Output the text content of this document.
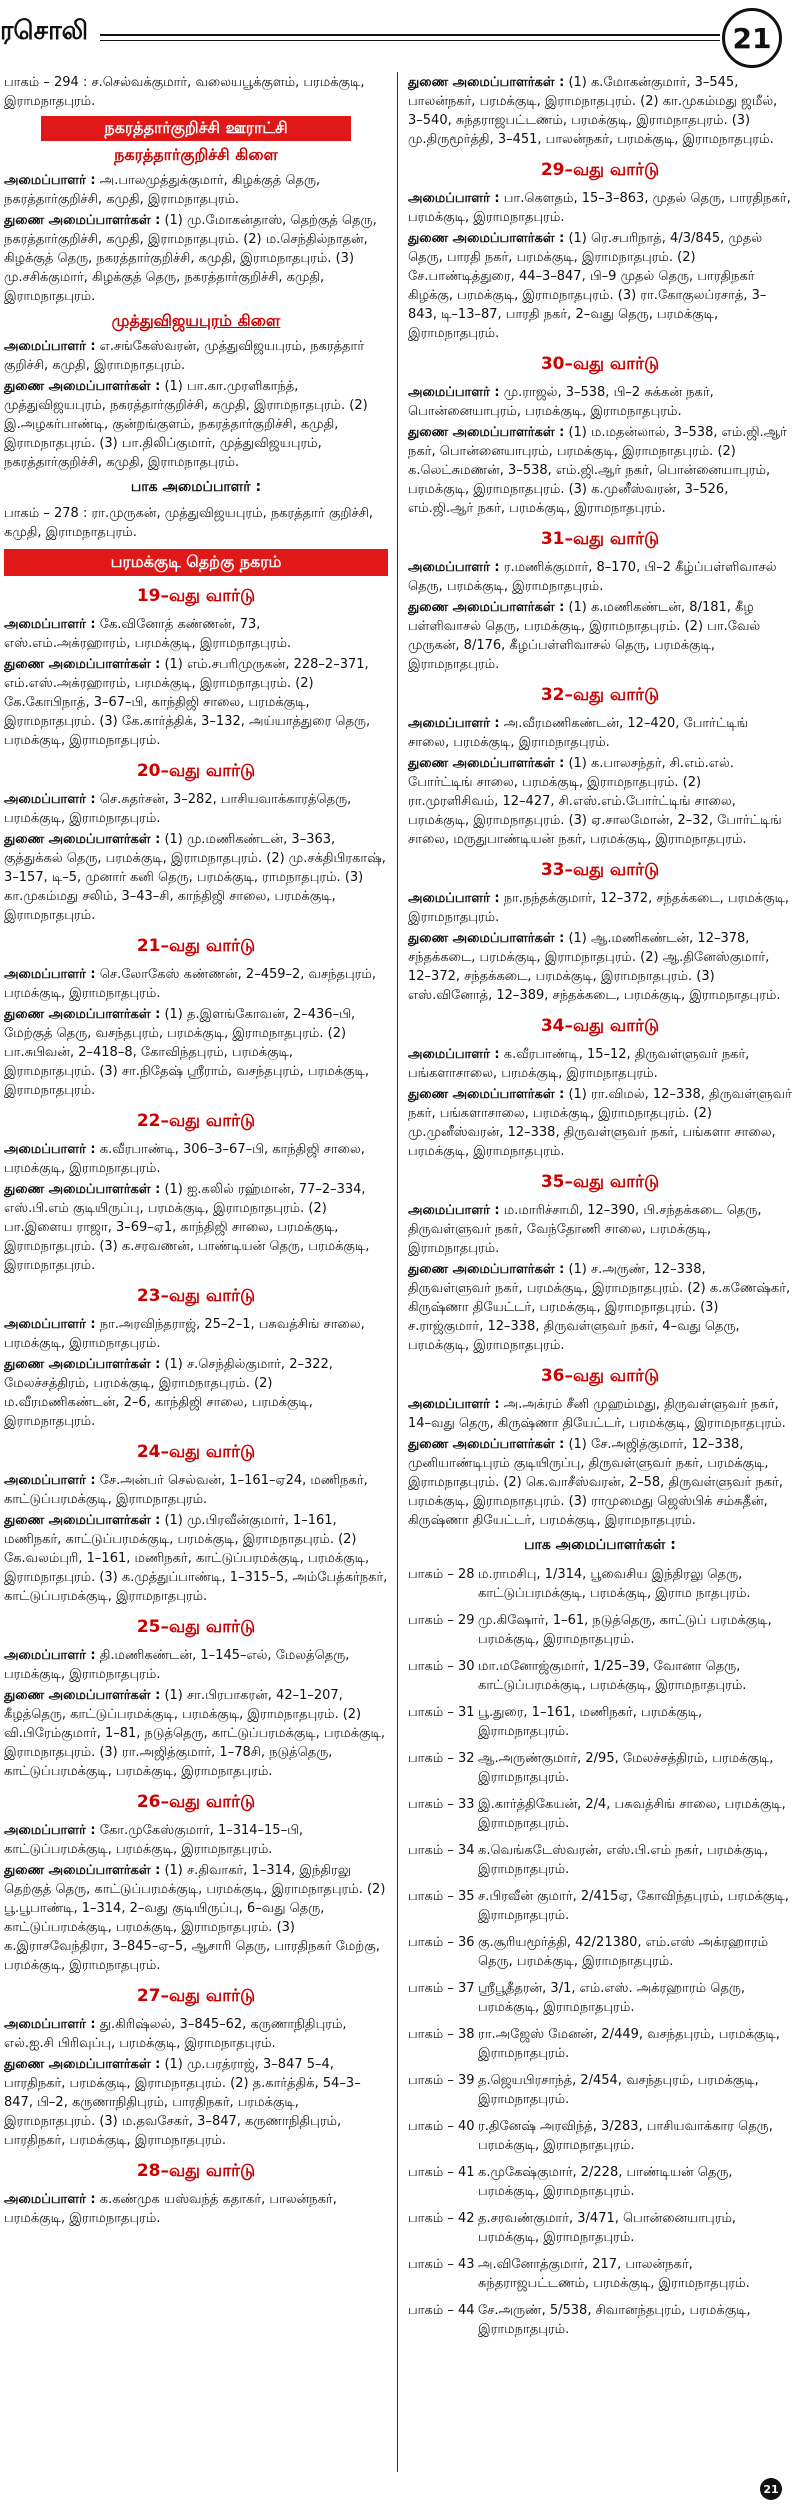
ரசொலி	21
பாகம் – 294 : ச.செல்வக்குமார், வலையபூக்குளம், பரமக்குடி, இராமநாதபுரம்.
நகரத்தார்குறிச்சி ஊராட்சி
நகரத்தார்குறிச்சி கிளை
அமைப்பாளர் : அ.பாலமுத்துக்குமார், கிழக்குத் தெரு, நகரத்தார்குறிச்சி, கமுதி, இராமநாதபுரம்.
துணை அமைப்பாளர்கள் : (1) மு.மோகன்தாஸ், தெற்குத் தெரு, நகரத்தார்குறிச்சி, கமுதி, இராமநாதபுரம். (2) ம.செந்தில்நாதன், கிழக்குத் தெரு, நகரத்தார்குறிச்சி, கமுதி, இராமநாதபுரம். (3) மு.சசிக்குமார், கிழக்குத் தெரு, நகரத்தார்குறிச்சி, கமுதி, இராமநாதபுரம்.
முத்துவிஜயபுரம் கிளை
அமைப்பாளர் : எ.சங்கேஸ்வரன், முத்துவிஜயபுரம், நகரத்தார் குறிச்சி, கமுதி, இராமநாதபுரம்.
துணை அமைப்பாளர்கள் : (1) பா.கா.முரளிகாந்த், முத்துவிஜயபுரம், நகரத்தார்குறிச்சி, கமுதி, இராமநாதபுரம். (2) இ.அழகர்பாண்டி, குன்றங்குளம், நகரத்தார்குறிச்சி, கமுதி, இராமநாதபுரம். (3) பா.திலிப்குமார், முத்துவிஜயபுரம், நகரத்தார்குறிச்சி, கமுதி, இராமநாதபுரம்.
பாக அமைப்பாளர் :
பாகம் – 278 : ரா.முருகன், முத்துவிஜயபுரம், நகரத்தார் குறிச்சி, கமுதி, இராமநாதபுரம்.
பரமக்குடி தெற்கு நகரம்
19–வது வார்டு
அமைப்பாளர் : கே.வினோத் கண்ணன், 73, எஸ்.எம்.அக்ரஹாரம், பரமக்குடி, இராமநாதபுரம்.
துணை அமைப்பாளர்கள் : (1) எம்.சபரிமுருகன், 228–2–371, எம்.எஸ்.அக்ரஹாரம், பரமக்குடி, இராமநாதபுரம். (2) கே.கோபிநாத், 3–67–பி, காந்திஜி சாலை, பரமக்குடி, இராமநாதபுரம். (3) கே.கார்த்திக், 3–132, அய்யாத்துரை தெரு, பரமக்குடி, இராமநாதபுரம்.
20–வது வார்டு
அமைப்பாளர் : செ.சுதர்சன், 3–282, பாசியவாக்காரத்தெரு, பரமக்குடி, இராமநாதபுரம்.
துணை அமைப்பாளர்கள் : (1) மு.மணிகண்டன், 3–363, குத்துக்கல் தெரு, பரமக்குடி, இராமநாதபுரம். (2) மு.சக்திபிரகாஷ், 3–157, டி–5, முனார் கனி தெரு, பரமக்குடி, ராமநாதபுரம். (3) கா.முகம்மது சலிம், 3–43–சி, காந்திஜி சாலை, பரமக்குடி, இராமநாதபுரம்.
21–வது வார்டு
அமைப்பாளர் : செ.லோகேஸ் கண்ணன், 2–459–2, வசந்தபுரம், பரமக்குடி, இராமநாதபுரம்.
துணை அமைப்பாளர்கள் : (1) த.இளங்கோவன், 2–436–பி, மேற்குத் தெரு, வசந்தபுரம், பரமக்குடி, இராமநாதபுரம். (2) பா.சுபிவன், 2–418–8, கோவிந்தபுரம், பரமக்குடி, இராமநாதபுரம். (3) சா.நிதேஷ் ஸ்ரீராம், வசந்தபுரம், பரமக்குடி, இராமநாதபுரம்.
22–வது வார்டு
அமைப்பாளர் : க.வீரபாண்டி, 306–3–67–பி, காந்திஜி சாலை, பரமக்குடி, இராமநாதபுரம்.
துணை அமைப்பாளர்கள் : (1) ஐ.கலில் ரஹ்மான், 77–2–334, எஸ்.பி.எம் குடியிருப்பு, பரமக்குடி, இராமநாதபுரம். (2) பா.இளைய ராஜா, 3–69–ஏ1, காந்திஜி சாலை, பரமக்குடி, இராமநாதபுரம். (3) க.சரவணன், பாண்டியன் தெரு, பரமக்குடி, இராமநாதபுரம்.
23–வது வார்டு
அமைப்பாளர் : நா.அரவிந்தராஜ், 25–2–1, பசுவத்சிங் சாலை, பரமக்குடி, இராமநாதபுரம்.
துணை அமைப்பாளர்கள் : (1) ச.செந்தில்குமார், 2–322, மேலச்சத்திரம், பரமக்குடி, இராமநாதபுரம். (2) ம.வீரமணிகண்டன், 2–6, காந்திஜி சாலை, பரமக்குடி, இராமநாதபுரம்.
24–வது வார்டு
அமைப்பாளர் : சே.அன்பர் செல்வன், 1–161–ஏ24, மணிநகர், காட்டுப்பரமக்குடி, இராமநாதபுரம்.
துணை அமைப்பாளர்கள் : (1) மு.பிரவீன்குமார், 1–161, மணிநகர், காட்டுப்பரமக்குடி, பரமக்குடி, இராமநாதபுரம். (2) கே.வலம்புரி, 1–161, மணிநகர், காட்டுப்பரமக்குடி, பரமக்குடி, இராமநாதபுரம். (3) க.முத்துப்பாண்டி, 1–315–5, அம்பேத்கர்நகர், காட்டுப்பரமக்குடி, இராமநாதபுரம்.
25–வது வார்டு
அமைப்பாளர் : தி.மணிகண்டன், 1–145–எல், மேலத்தெரு, பரமக்குடி, இராமநாதபுரம்.
துணை அமைப்பாளர்கள் : (1) சா.பிரபாகரன், 42–1–207, கீழத்தெரு, காட்டுப்பரமக்குடி, பரமக்குடி, இராமநாதபுரம். (2) வி.பிரேம்குமார், 1–81, நடுத்தெரு, காட்டுப்பரமக்குடி, பரமக்குடி, இராமநாதபுரம். (3) ரா.அஜித்குமார், 1–78சி, நடுத்தெரு, காட்டுப்பரமக்குடி, பரமக்குடி, இராமநாதபுரம்.
26–வது வார்டு
அமைப்பாளர் : கோ.முகேஸ்குமார், 1–314–15–பி, காட்டுப்பரமக்குடி, பரமக்குடி, இராமநாதபுரம்.
துணை அமைப்பாளர்கள் : (1) ச.திவாகர், 1–314, இந்திரலு தெற்குத் தெரு, காட்டுப்பரமக்குடி, பரமக்குடி, இராமநாதபுரம். (2) பூ.பூபாண்டி, 1–314, 2–வது குடியிருப்பு, 6–வது தெரு, காட்டுப்பரமக்குடி, பரமக்குடி, இராமநாதபுரம். (3) க.இராசவேந்திரா, 3–845–ஏ–5, ஆசாரி தெரு, பாரதிநகர் மேற்கு, பரமக்குடி, இராமநாதபுரம்.
27–வது வார்டு
அமைப்பாளர் : து.கிரிஷ்லல், 3–845–62, கருணாநிதிபுரம், எல்.ஐ.சி பிரிவுப்பு, பரமக்குடி, இராமநாதபுரம்.
துணை அமைப்பாளர்கள் : (1) மு.பரத்ராஜ், 3–847 5–4, பாரதிநகர், பரமக்குடி, இராமநாதபுரம். (2) த.கார்த்திக், 54–3–847, பி–2, கருணாநிதிபுரம், பாரதிநகர், பரமக்குடி, இராமநாதபுரம். (3) ம.தவசேகர், 3–847, கருணாநிதிபுரம், பாரதிநகர், பரமக்குடி, இராமநாதபுரம்.
28–வது வார்டு
அமைப்பாளர் : க.கண்முக யஸ்வந்த் கதாகர், பாலன்நகர், பரமக்குடி, இராமநாதபுரம்.
துணை அமைப்பாளர்கள் : (1) க.மோகன்குமார், 3–545, பாலன்நகர், பரமக்குடி, இராமநாதபுரம். (2) கா.முகம்மது ஜமீல், 3–540, சுந்தராஜபட்டணம், பரமக்குடி, இராமநாதபுரம். (3) மு.திருமூர்த்தி, 3–451, பாலன்நகர், பரமக்குடி, இராமநாதபுரம்.
29–வது வார்டு
அமைப்பாளர் : பா.கௌதம், 15–3–863, முதல் தெரு, பாரதிநகர், பரமக்குடி, இராமநாதபுரம்.
துணை அமைப்பாளர்கள் : (1) ரெ.சபரிநாத், 4/3/845, முதல் தெரு, பாரதி நகர், பரமக்குடி, இராமநாதபுரம். (2) சே.பாண்டித்துரை, 44–3–847, பி–9 முதல் தெரு, பாரதிநகர் கிழக்கு, பரமக்குடி, இராமநாதபுரம். (3) ரா.கோகுலப்ரசாத், 3–843, டி–13–87, பாரதி நகர், 2–வது தெரு, பரமக்குடி, இராமநாதபுரம்.
30–வது வார்டு
அமைப்பாளர் : மு.ராஜல், 3–538, பி–2 சுக்கன் நகர், பொன்னையாபுரம், பரமக்குடி, இராமநாதபுரம்.
துணை அமைப்பாளர்கள் : (1) ம.மதன்லால், 3–538, எம்.ஜி.ஆர் நகர், பொன்னையாபுரம், பரமக்குடி, இராமநாதபுரம். (2) க.லெட்சுமணன், 3–538, எம்.ஜி.ஆர் நகர், பொன்னையாபுரம், பரமக்குடி, இராமநாதபுரம். (3) க.முனீஸ்வரன், 3–526, எம்.ஜி.ஆர் நகர், பரமக்குடி, இராமநாதபுரம்.
31–வது வார்டு
அமைப்பாளர் : ர.மணிக்குமார், 8–170, பி–2 கீழ்ப்பள்ளிவாசல் தெரு, பரமக்குடி, இராமநாதபுரம்.
துணை அமைப்பாளர்கள் : (1) க.மணிகண்டன், 8/181, கீழ பள்ளிவாசல் தெரு, பரமக்குடி, இராமநாதபுரம். (2) பா.வேல் முருகன், 8/176, கீழப்பள்ளிவாசல் தெரு, பரமக்குடி, இராமநாதபுரம்.
32–வது வார்டு
அமைப்பாளர் : அ.வீரமணிகண்டன், 12–420, போர்ட்டிங் சாலை, பரமக்குடி, இராமநாதபுரம்.
துணை அமைப்பாளர்கள் : (1) க.பாலசந்தர், சி.எம்.எல். போர்ட்டிங் சாலை, பரமக்குடி, இராமநாதபுரம். (2) ரா.முரளிசிவம், 12–427, சி.எஸ்.எம்.போர்ட்டிங் சாலை, பரமக்குடி, இராமநாதபுரம். (3) ஏ.சாலமோன், 2–32, போர்ட்டிங் சாலை, மருதுபாண்டியன் நகர், பரமக்குடி, இராமநாதபுரம்.
33–வது வார்டு
அமைப்பாளர் : நா.நந்தக்குமார், 12–372, சந்தக்கடை, பரமக்குடி, இராமநாதபுரம்.
துணை அமைப்பாளர்கள் : (1) ஆ.மணிகண்டன், 12–378, சந்தக்கடை, பரமக்குடி, இராமநாதபுரம். (2) ஆ.தினேஸ்குமார், 12–372, சந்தக்கடை, பரமக்குடி, இராமநாதபுரம். (3) எஸ்.வினோத், 12–389, சந்தக்கடை, பரமக்குடி, இராமநாதபுரம்.
34–வது வார்டு
அமைப்பாளர் : க.வீரபாண்டி, 15–12, திருவள்ளுவர் நகர், பங்களாசாலை, பரமக்குடி, இராமநாதபுரம்.
துணை அமைப்பாளர்கள் : (1) ரா.விமல், 12–338, திருவள்ளுவர் நகர், பங்களாசாலை, பரமக்குடி, இராமநாதபுரம். (2) மு.முனீஸ்வரன், 12–338, திருவள்ளுவர் நகர், பங்களா சாலை, பரமக்குடி, இராமநாதபுரம்.
35–வது வார்டு
அமைப்பாளர் : ம.மாரிச்சாமி, 12–390, பி.சந்தக்கடை தெரு, திருவள்ளுவர் நகர், வேந்தோணி சாலை, பரமக்குடி, இராமநாதபுரம்.
துணை அமைப்பாளர்கள் : (1) ச.அருண், 12–338, திருவள்ளுவர் நகர், பரமக்குடி, இராமநாதபுரம். (2) க.கணேஷ்கர், கிருஷ்ணா தியேட்டர், பரமக்குடி, இராமநாதபுரம். (3) ச.ராஜ்குமார், 12–338, திருவள்ளுவர் நகர், 4–வது தெரு, பரமக்குடி, இராமநாதபுரம்.
36–வது வார்டு
அமைப்பாளர் : அ.அக்ரம் சீனி முஹம்மது, திருவள்ளுவர் நகர், 14–வது தெரு, கிருஷ்ணா தியேட்டர், பரமக்குடி, இராமநாதபுரம்.
துணை அமைப்பாளர்கள் : (1) சே.அஜித்குமார், 12–338, முனியாண்டிபுரம் குடியிருப்பு, திருவள்ளுவர் நகர், பரமக்குடி, இராமநாதபுரம். (2) கெ.வாசீஸ்வரன், 2–58, திருவள்ளுவர் நகர், பரமக்குடி, இராமநாதபுரம். (3) ராமுமைது ஜெஸ்பிக் சம்சுதீன், கிருஷ்ணா தியேட்டர், பரமக்குடி, இராமநாதபுரம்.
பாக அமைப்பாளர்கள் :
பாகம் – 28 ம.ராமசிபு, 1/314, பூவைசிய இந்திரலு தெரு, காட்டுப்பரமக்குடி, பரமக்குடி, இராம நாதபுரம்.
பாகம் – 29 மு.கிஷோர், 1–61, நடுத்தெரு, காட்டுப் பரமக்குடி, பரமக்குடி, இராமநாதபுரம்.
பாகம் – 30 மா.மனோஜ்குமார், 1/25–39, வோனா தெரு, காட்டுப்பரமக்குடி, பரமக்குடி, இராமநாதபுரம்.
பாகம் – 31 பூ.துரை, 1–161, மணிநகர், பரமக்குடி, இராமநாதபுரம்.
பாகம் – 32 ஆ.அருண்குமார், 2/95, மேலச்சத்திரம், பரமக்குடி, இராமநாதபுரம்.
பாகம் – 33 இ.கார்த்திகேயன், 2/4, பசுவத்சிங் சாலை, பரமக்குடி, இராமநாதபுரம்.
பாகம் – 34 க.வெங்கடேஸ்வரன், எஸ்.பி.எம் நகர், பரமக்குடி, இராமநாதபுரம்.
பாகம் – 35 ச.பிரவீன் குமார், 2/415ஏ, கோவிந்தபுரம், பரமக்குடி, இராமநாதபுரம்.
பாகம் – 36 கு.சூரியமூர்த்தி, 42/21380, எம்.எஸ் அக்ரஹாரம் தெரு, பரமக்குடி, இராமநாதபுரம்.
பாகம் – 37 ஸ்ரீபூதீதரன், 3/1, எம்.எஸ். அக்ரஹாரம் தெரு, பரமக்குடி, இராமநாதபுரம்.
பாகம் – 38 ரா.அஜேஸ் மேனன், 2/449, வசந்தபுரம், பரமக்குடி, இராமநாதபுரம்.
பாகம் – 39 த.ஜெயபிரசாந்த், 2/454, வசந்தபுரம், பரமக்குடி, இராமநாதபுரம்.
பாகம் – 40 ர.தினேஷ் அரவிந்த், 3/283, பாசியவாக்கார தெரு, பரமக்குடி, இராமநாதபுரம்.
பாகம் – 41 க.முகேஷ்குமார், 2/228, பாண்டியன் தெரு, பரமக்குடி, இராமநாதபுரம்.
பாகம் – 42 த.சரவண்குமார், 3/471, பொன்னையாபுரம், பரமக்குடி, இராமநாதபுரம்.
பாகம் – 43 அ.வினோத்குமார், 217, பாலன்நகர், சுந்தராஜபட்டணம், பரமக்குடி, இராமநாதபுரம்.
பாகம் – 44 சே.அருண், 5/538, சிவானந்தபுரம், பரமக்குடி, இராமநாதபுரம்.
21
